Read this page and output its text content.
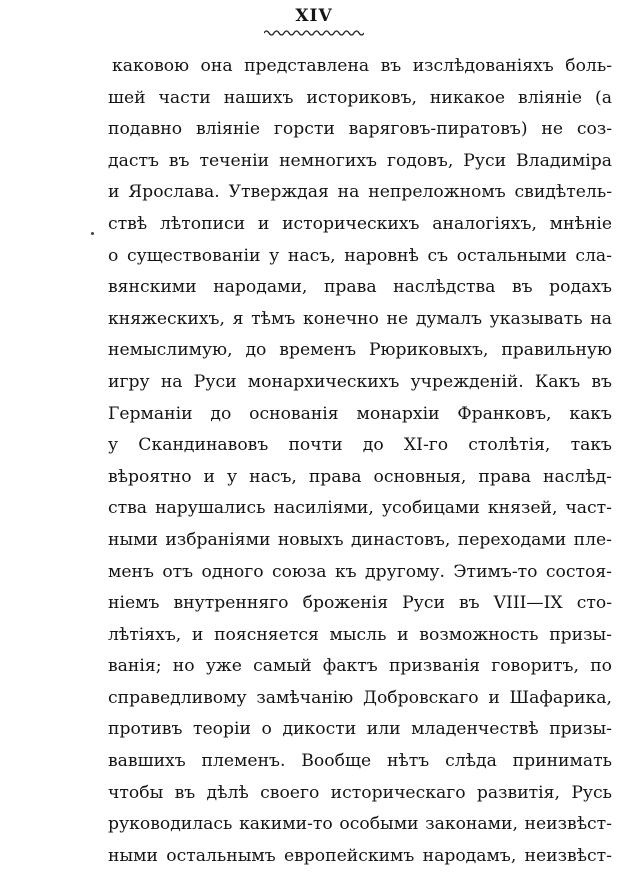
XIV
каковою она представлена въ изслѣдованіяхъ боль-
шей части нашихъ историковъ, никакое вліяніе (а
подавно вліяніе горсти варяговъ-пиратовъ) не соз-
дастъ въ теченіи немногихъ годовъ, Руси Владиміра
и Ярослава. Утверждая на непреложномъ свидѣтель-
ствѣ лѣтописи и историческихъ аналогіяхъ, мнѣніе
о существованіи у насъ, наровнѣ съ остальными сла-
вянскими народами, права наслѣдства въ родахъ
княжескихъ, я тѣмъ конечно не думалъ указывать на
немыслимую, до временъ Рюриковыхъ, правильную
игру на Руси монархическихъ учрежденій. Какъ въ
Германіи до основанія монархіи Франковъ, какъ
у Скандинавовъ почти до XI-го столѣтія, такъ
вѣроятно и у насъ, права основныя, права наслѣд-
ства нарушались насиліями, усобицами князей, част-
ными избраніями новыхъ династовъ, переходами пле-
менъ отъ одного союза къ другому. Этимъ-то состоя-
ніемъ внутренняго броженія Руси въ VIII—IX сто-
лѣтіяхъ, и поясняется мысль и возможность призы-
ванія; но уже самый фактъ призванія говоритъ, по
справедливому замѣчанію Добровскаго и Шафарика,
противъ теоріи о дикости или младенчествѣ призы-
вавшихъ племенъ. Вообще нѣтъ слѣда принимать
чтобы въ дѣлѣ своего историческаго развитія, Русь
руководилась какими-то особыми законами, неизвѣст-
ными остальнымъ европейскимъ народамъ, неизвѣст-
